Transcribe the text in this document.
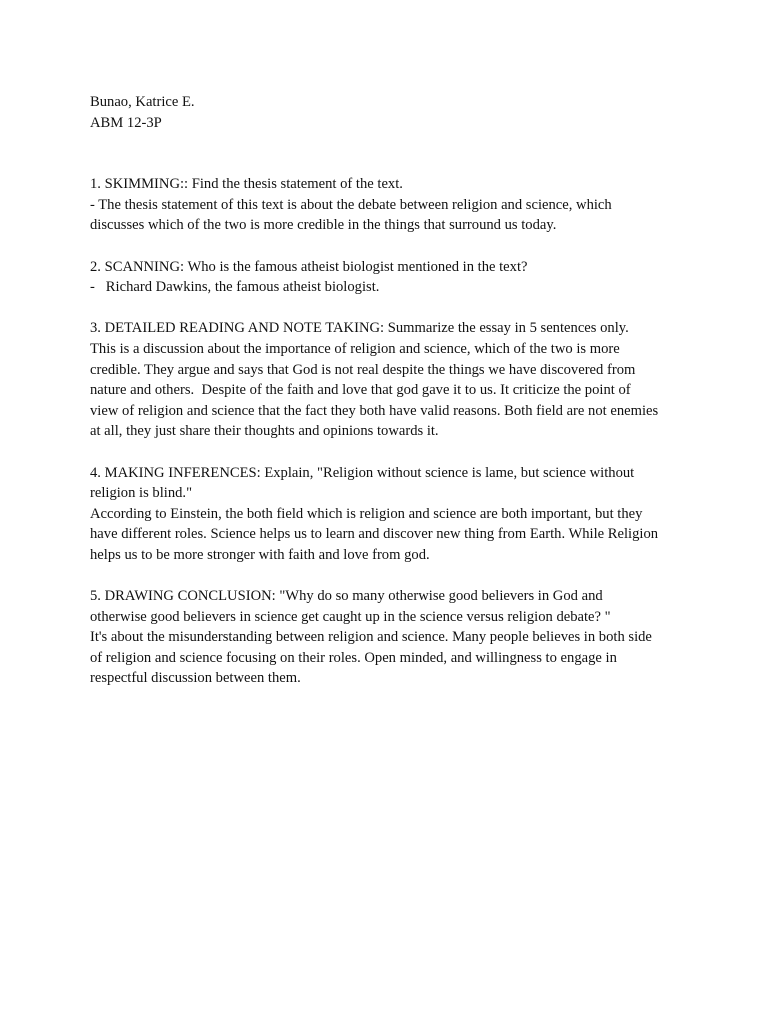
Bunao, Katrice E.
ABM 12-3P
1. SKIMMING:: Find the thesis statement of the text.
- The thesis statement of this text is about the debate between religion and science, which
discusses which of the two is more credible in the things that surround us today.
2. SCANNING: Who is the famous atheist biologist mentioned in the text?
-   Richard Dawkins, the famous atheist biologist.
3. DETAILED READING AND NOTE TAKING: Summarize the essay in 5 sentences only.
This is a discussion about the importance of religion and science, which of the two is more
credible. They argue and says that God is not real despite the things we have discovered from
nature and others.  Despite of the faith and love that god gave it to us. It criticize the point of
view of religion and science that the fact they both have valid reasons. Both field are not enemies
at all, they just share their thoughts and opinions towards it.
4. MAKING INFERENCES: Explain, "Religion without science is lame, but science without
religion is blind."
According to Einstein, the both field which is religion and science are both important, but they
have different roles. Science helps us to learn and discover new thing from Earth. While Religion
helps us to be more stronger with faith and love from god.
5. DRAWING CONCLUSION: "Why do so many otherwise good believers in God and
otherwise good believers in science get caught up in the science versus religion debate? "
It's about the misunderstanding between religion and science. Many people believes in both side
of religion and science focusing on their roles. Open minded, and willingness to engage in
respectful discussion between them.
